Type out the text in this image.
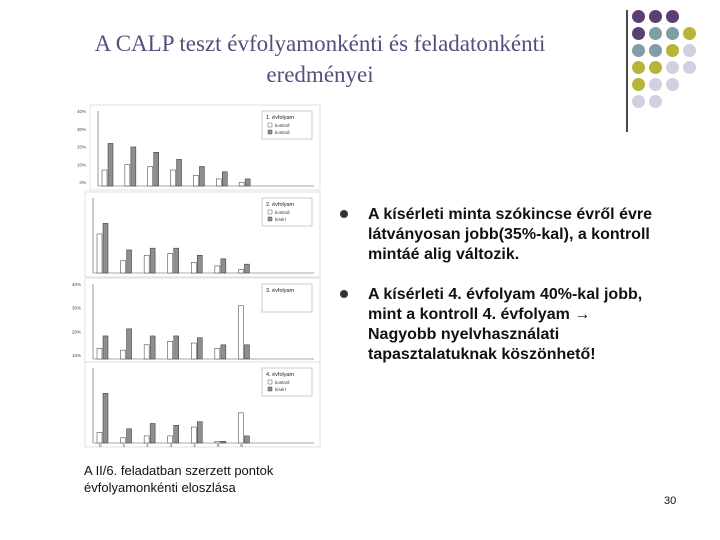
A CALP teszt évfolyamonkénti és feladatonkénti
eredményei
1. évfolyam
kontroll
kontroll
40%
30%
20%
10%
0%
2. évfolyam
kontroll
kísérl
3. évfolyam
40%
30%
20%
10%
4. évfolyam
kontroll
kísérl
0	1	2	3	4	5	6
A kísérleti minta szókincse évről évre látványosan jobb(35%-kal), a kontroll mintáé alig változik.
A kísérleti 4. évfolyam 40%-kal jobb, mint a kontroll 4. évfolyam → Nagyobb nyelvhasználati tapasztalatuknak köszönhető!
A II/6. feladatban szerzett pontok évfolyamonkénti eloszlása
30
